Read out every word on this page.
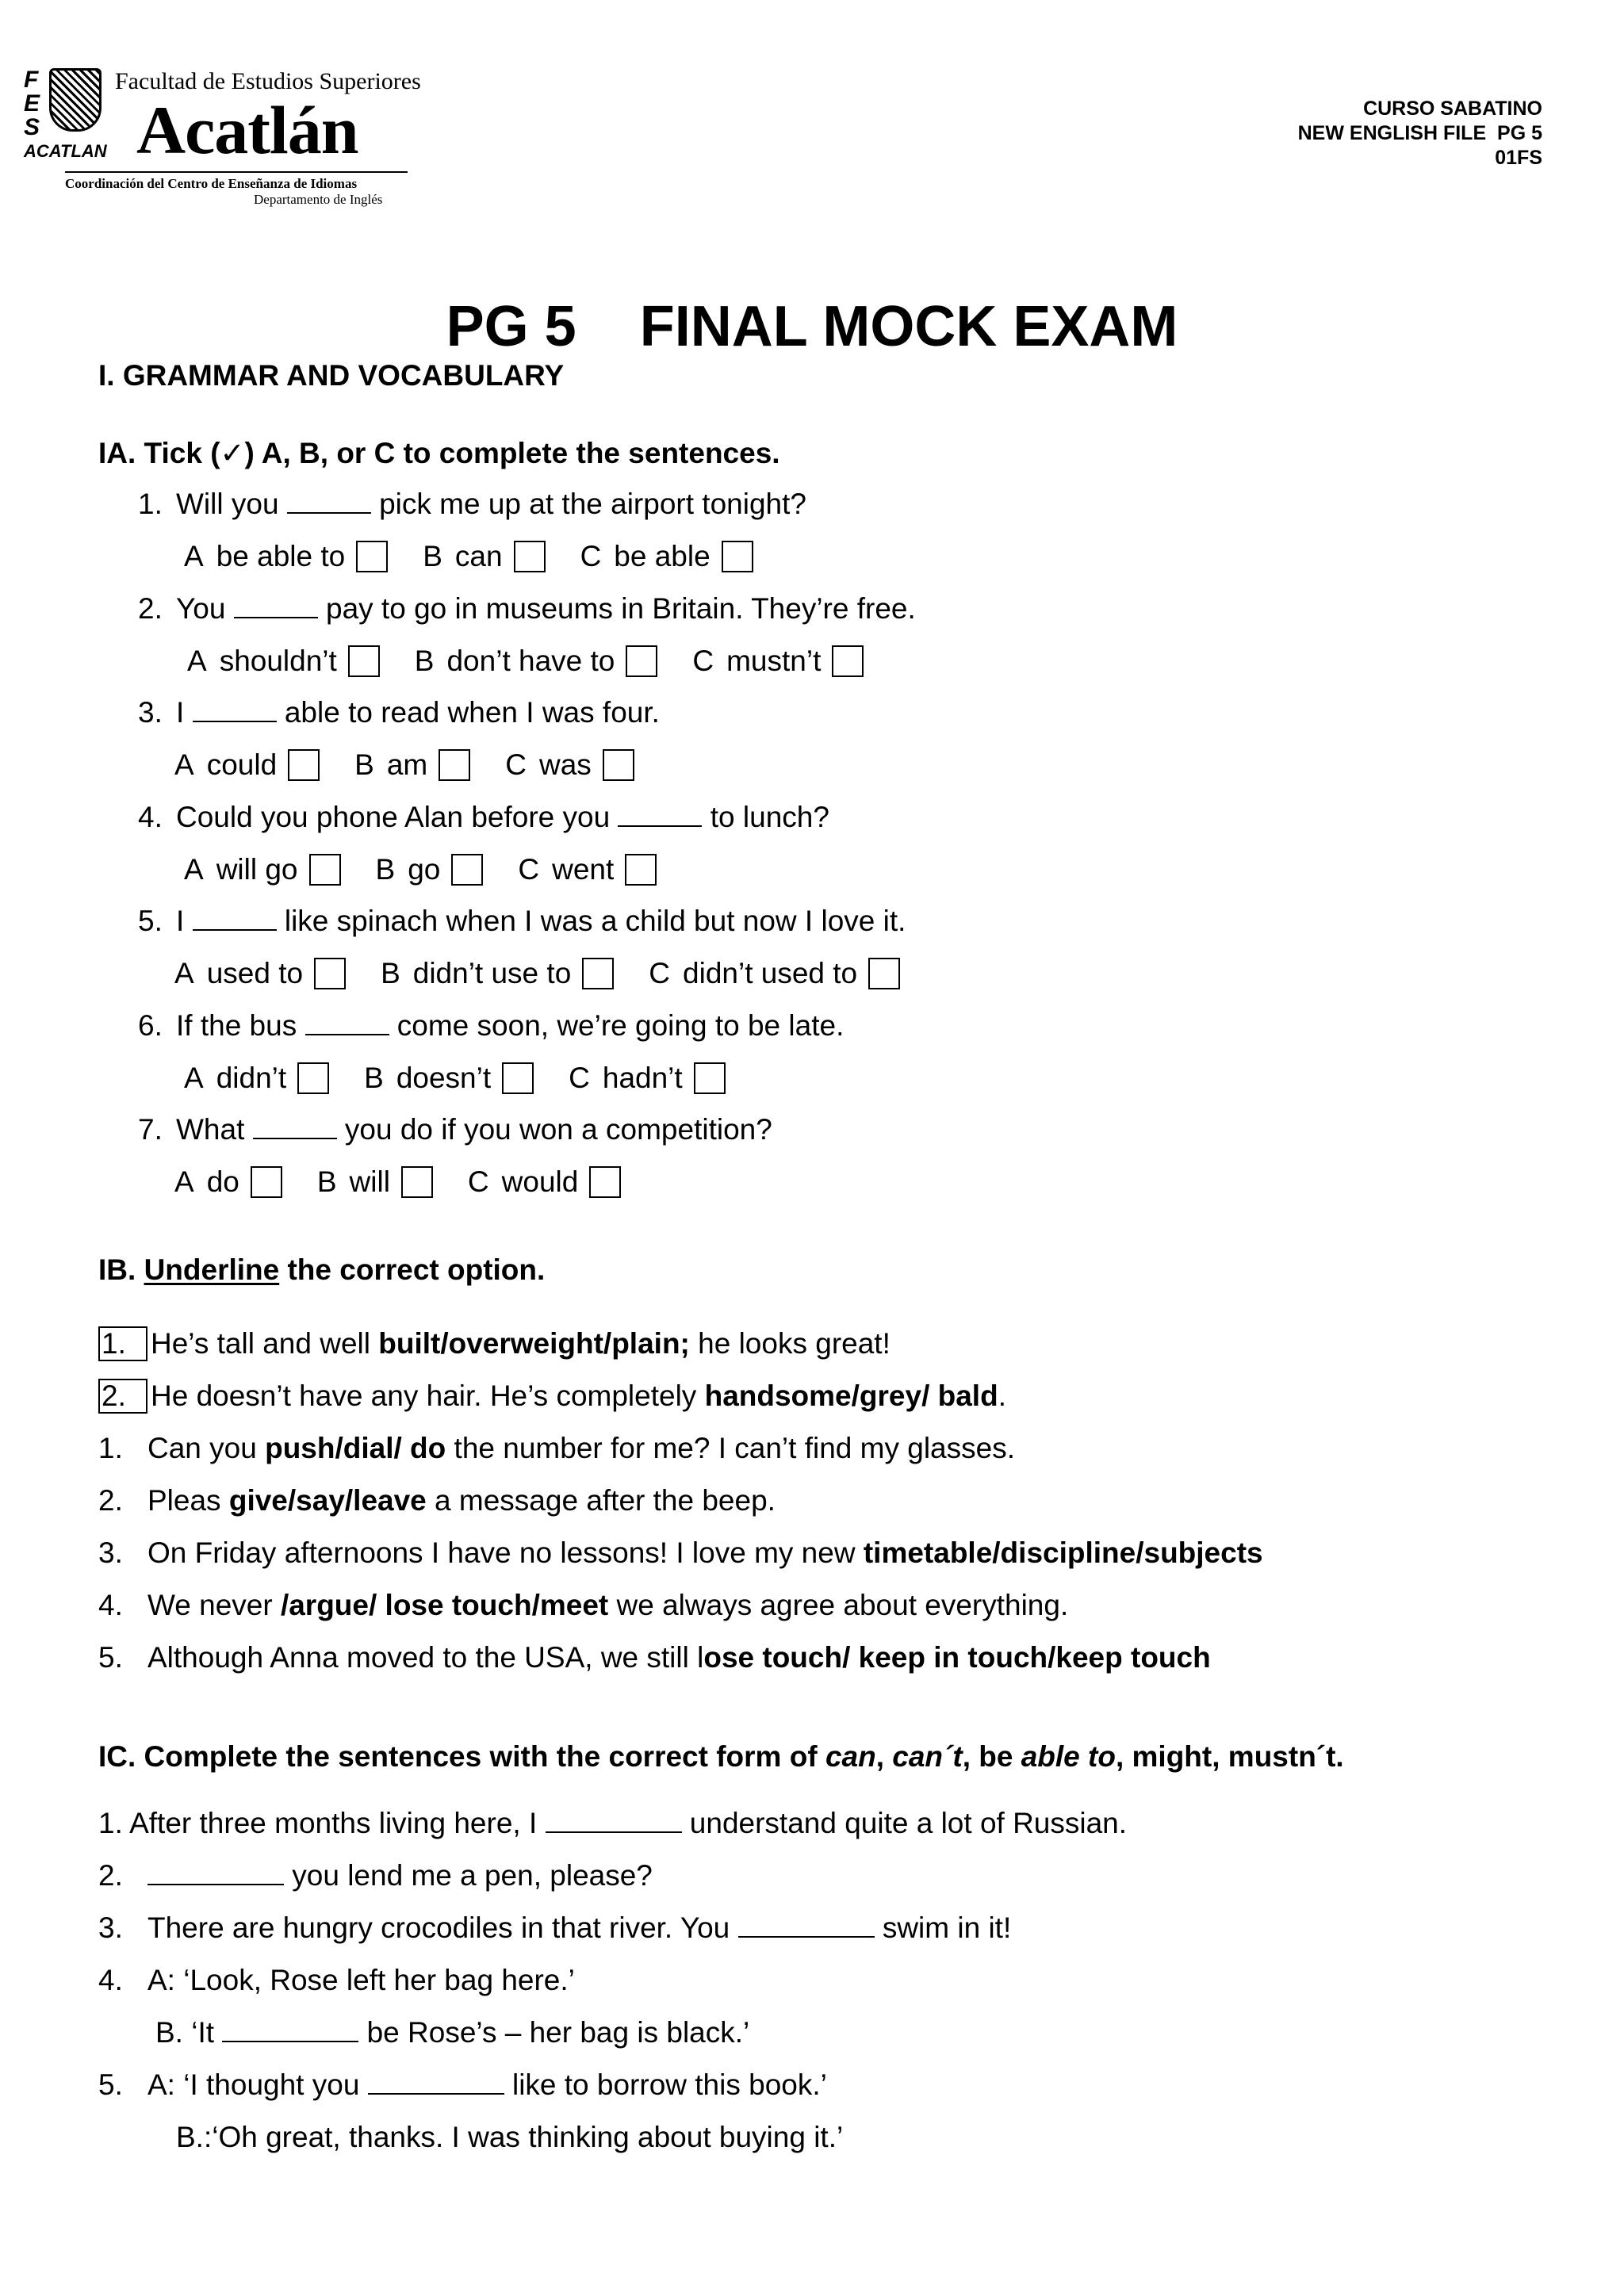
F
E
S
ACATLAN
Facultad de Estudios Superiores
Acatlán
Coordinación del Centro de Enseñanza de Idiomas
Departamento de Inglés
CURSO SABATINO
NEW ENGLISH FILE  PG 5
01FS
PG 5    FINAL MOCK EXAM
I. GRAMMAR AND VOCABULARY
IA. Tick (✓) A, B, or C to complete the sentences.
1. Will you	pick me up at the airport tonight?
A be able to	B can	C be able
2. You	pay to go in museums in Britain. They’re free.
A shouldn’t	B don’t have to	C mustn’t
3. I	able to read when I was four.
A could	B am	C was
4. Could you phone Alan before you	to lunch?
A will go	B go	C went
5. I	like spinach when I was a child but now I love it.
A used to	B didn’t use to	C didn’t used to
6. If the bus	come soon, we’re going to be late.
A didn’t	B doesn’t	C hadn’t
7. What	you do if you won a competition?
A do	B will	C would
IB. Underline the correct option.
1. He’s tall and well built/overweight/plain; he looks great!
2. He doesn’t have any hair. He’s completely handsome/grey/ bald.
1. Can you push/dial/ do the number for me? I can’t find my glasses.
2. Pleas give/say/leave a message after the beep.
3. On Friday afternoons I have no lessons! I love my new timetable/discipline/subjects
4. We never /argue/ lose touch/meet we always agree about everything.
5. Although Anna moved to the USA, we still lose touch/ keep in touch/keep touch
IC. Complete the sentences with the correct form of can, can´t, be able to, might, mustn´t.
1. After three months living here, I	understand quite a lot of Russian.
2.	you lend me a pen, please?
3. There are hungry crocodiles in that river. You	swim in it!
4. A: ‘Look, Rose left her bag here.’
B. ‘It	be Rose’s – her bag is black.’
5. A: ‘I thought you	like to borrow this book.’
B.:‘Oh great, thanks. I was thinking about buying it.’
